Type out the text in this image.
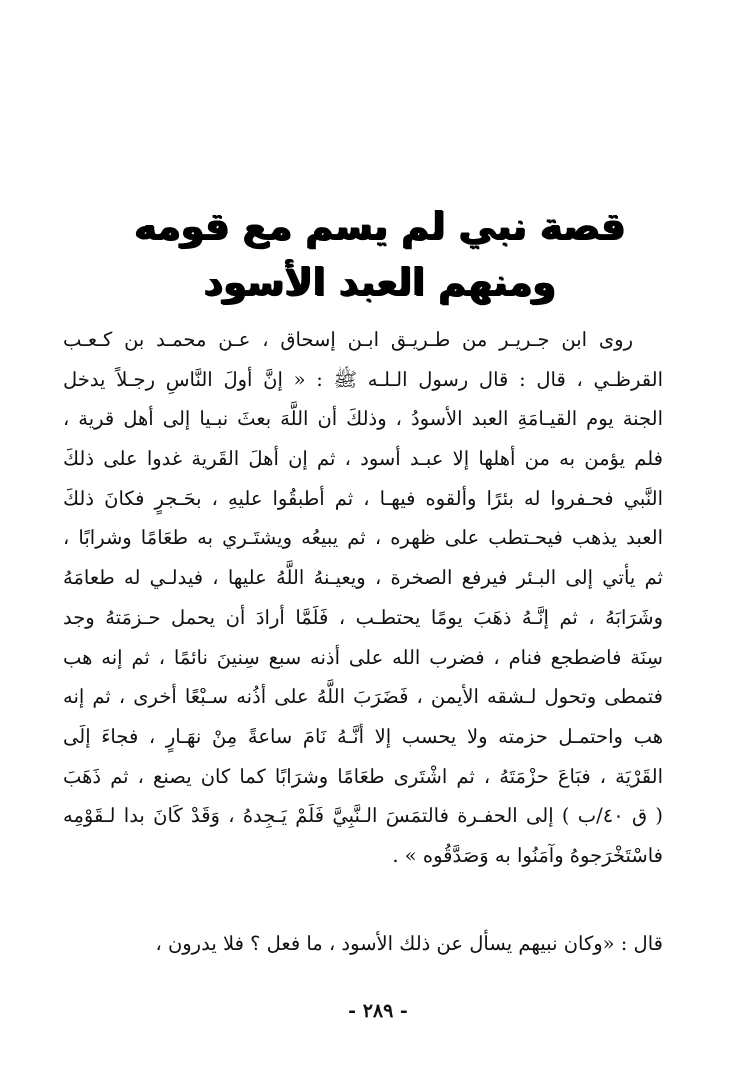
قصة نبي لم يسم مع قومه
ومنهم العبد الأسود
روى ابن جـريـر من طـريـق ابـن إسحاق ، عـن محمـد بن كـعـب
القرظـي ، قال : قال رسول الـلـه ﷺ : « إنَّ أولَ النَّاسِ رجـلاً يدخل
الجنة يوم القيـامَةِ العبد الأسودُ ، وذلكَ أن اللَّهَ بعثَ نبـيا إلى أهل قرية ،
فلم يؤمن به من أهلها إلا عبـد أسود ، ثم إن أهلَ القَرية غدوا على ذلكَ
النَّبي فحـفروا له بئرًا وألقوه فيهـا ، ثم أطبقُوا عليهِ ، بحَـجرٍ فكانَ ذلكَ
العبد يذهب فيحـتطب على ظهره ، ثم يبيعُه ويشتَـري به طعَامًا وشرابًا ،
ثم يأتي إلى البـئر فيرفع الصخرة ، ويعيـنهُ اللَّهُ عليها ، فيدلـي له طعامَهُ
وشَرَابَهُ ، ثم إنَّـهُ ذهَبَ يومًا يحتطـب ، فَلَمَّا أرادَ أن يحمل حـزمَتهُ وجد
سِنَة فاضطجع فنام ، فضرب الله على أذنه سبع سِنينَ نائمًا ، ثم إنه هب
فتمطى وتحول لـشقه الأيمن ، فَضَرَبَ اللَّهُ على أذُنه سـبْعًا أخرى ، ثم إنه
هب واحتمـل حزمته ولا يحسب إلا أنَّـهُ نَامَ ساعةً مِنْ نهَـارٍ ، فجاءَ إلَى
القَرْيَة ، فبَاعَ حزْمَتَهُ ، ثم اشْتَرى طعَامًا وشرَابًا كما كان يصنع ، ثم ذَهَبَ
( ق ٤٠/ب ) إلى الحفـرة فالتمَسَ الـنَّبِيَّ فَلَمْ يَـجِدهُ ، وَقَدْ كَانَ بدا لـقَوْمِه
فاسْتَخْرَجوهُ وآمَنُوا به وَصَدَّقُوه » .
قال : «وكان نبيهم يسأل عن ذلك الأسود ، ما فعل ؟ فلا يدرون ،
- ٢٨٩ -
